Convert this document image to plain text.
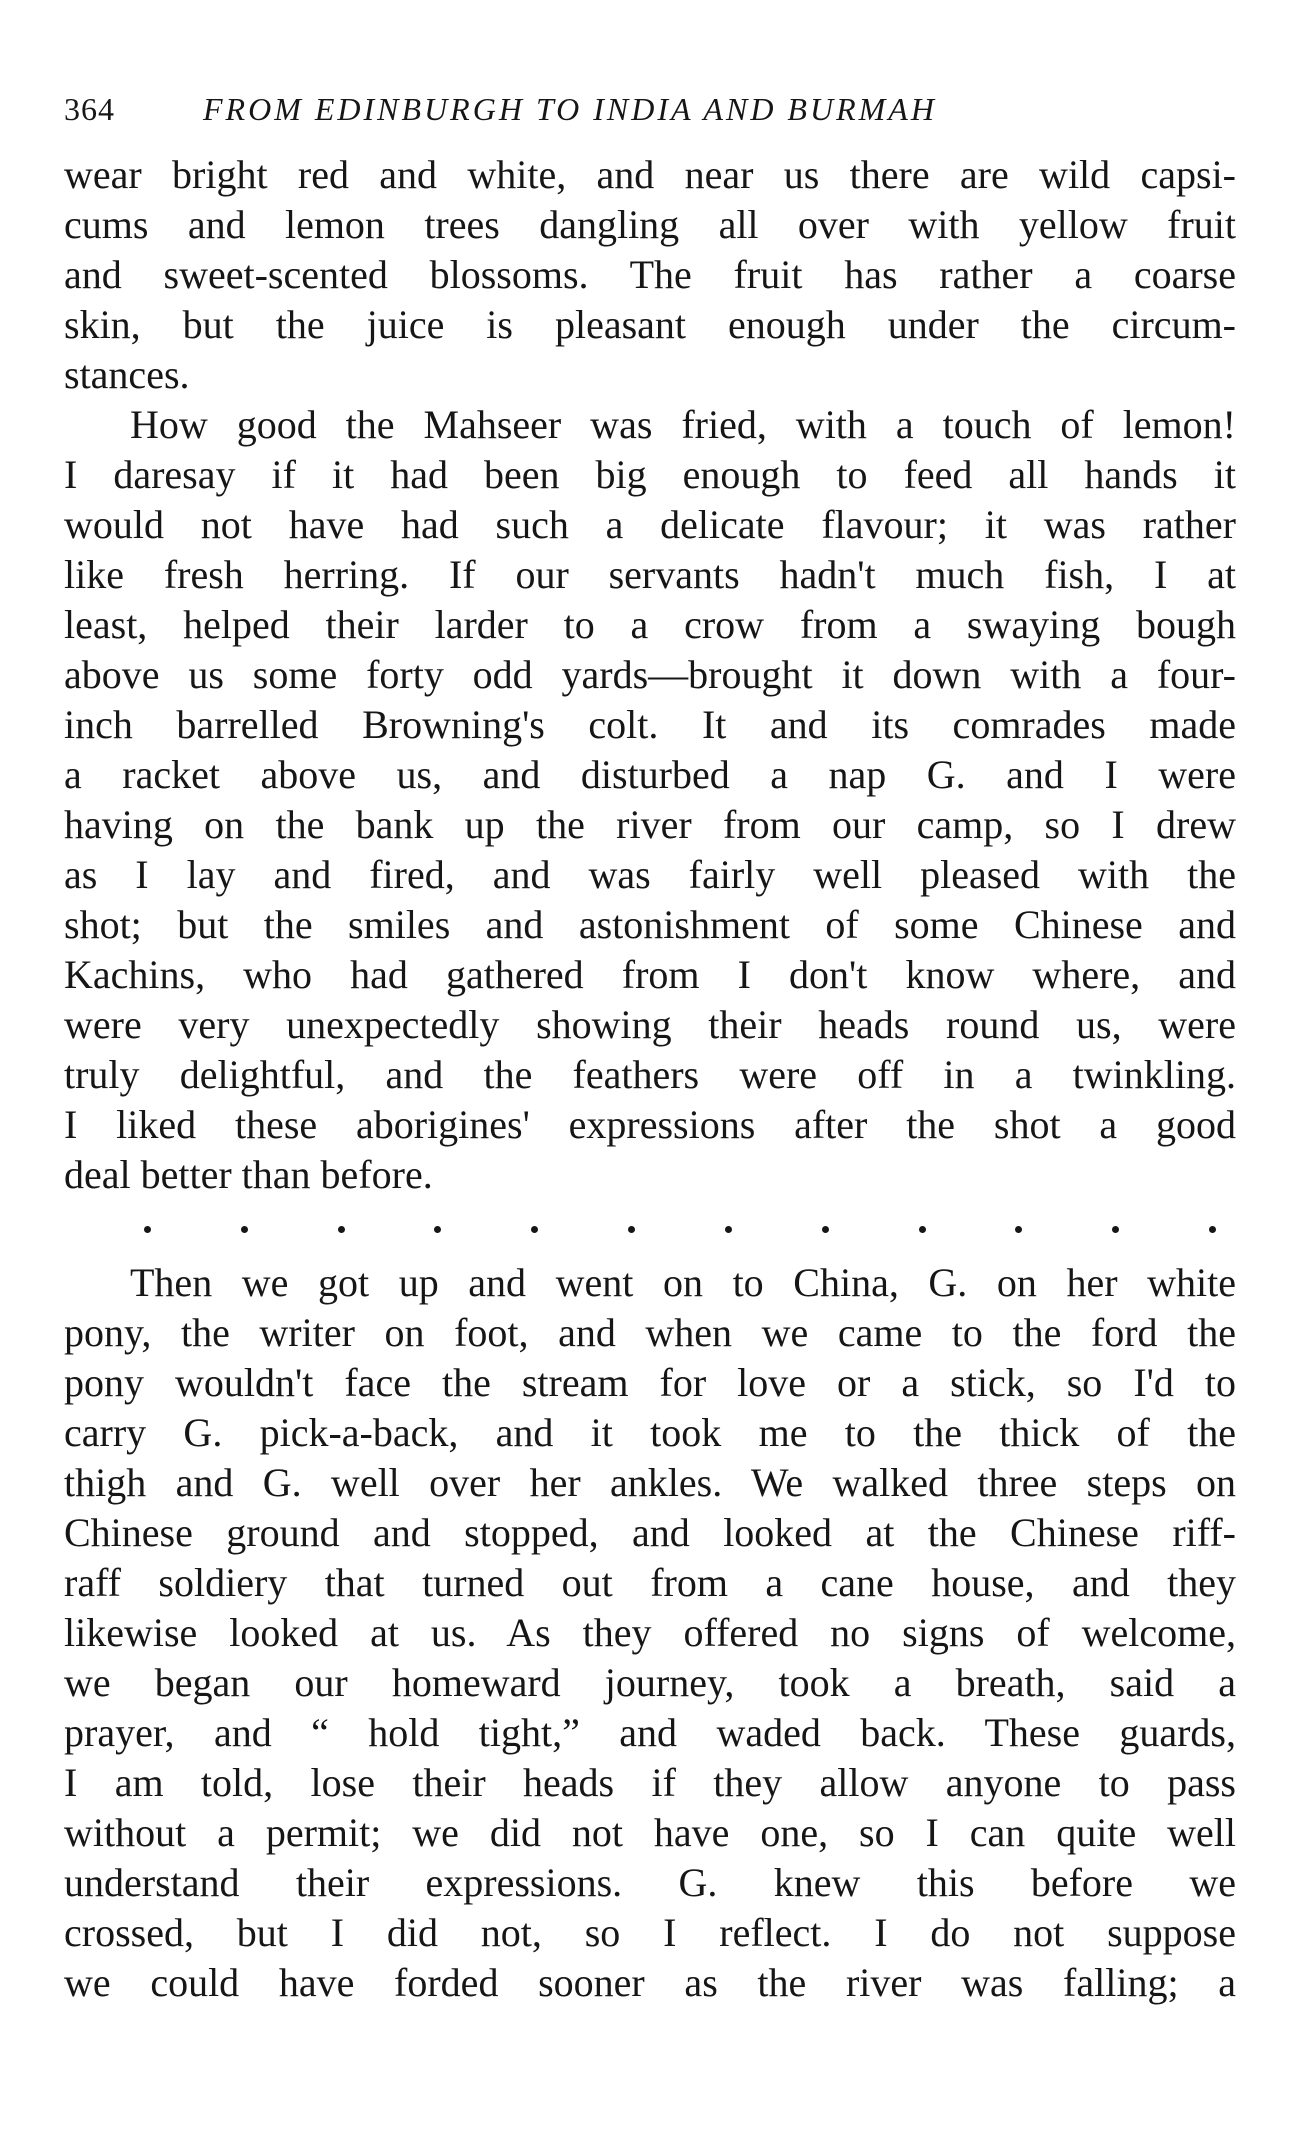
364	FROM EDINBURGH TO INDIA AND BURMAH
wear bright red and white, and near us there are wild capsi-
cums and lemon trees dangling all over with yellow fruit
and sweet-scented blossoms. The fruit has rather a coarse
skin, but the juice is pleasant enough under the circum-
stances.
How good the Mahseer was fried, with a touch of lemon!
I daresay if it had been big enough to feed all hands it
would not have had such a delicate flavour; it was rather
like fresh herring. If our servants hadn't much fish, I at
least, helped their larder to a crow from a swaying bough
above us some forty odd yards—brought it down with a four-
inch barrelled Browning's colt. It and its comrades made
a racket above us, and disturbed a nap G. and I were
having on the bank up the river from our camp, so I drew
as I lay and fired, and was fairly well pleased with the
shot; but the smiles and astonishment of some Chinese and
Kachins, who had gathered from I don't know where, and
were very unexpectedly showing their heads round us, were
truly delightful, and the feathers were off in a twinkling.
I liked these aborigines' expressions after the shot a good
deal better than before.
Then we got up and went on to China, G. on her white
pony, the writer on foot, and when we came to the ford the
pony wouldn't face the stream for love or a stick, so I'd to
carry G. pick-a-back, and it took me to the thick of the
thigh and G. well over her ankles. We walked three steps on
Chinese ground and stopped, and looked at the Chinese riff-
raff soldiery that turned out from a cane house, and they
likewise looked at us. As they offered no signs of welcome,
we began our homeward journey, took a breath, said a
prayer, and “ hold tight,” and waded back. These guards,
I am told, lose their heads if they allow anyone to pass
without a permit; we did not have one, so I can quite well
understand their expressions. G. knew this before we
crossed, but I did not, so I reflect. I do not suppose
we could have forded sooner as the river was falling; a
